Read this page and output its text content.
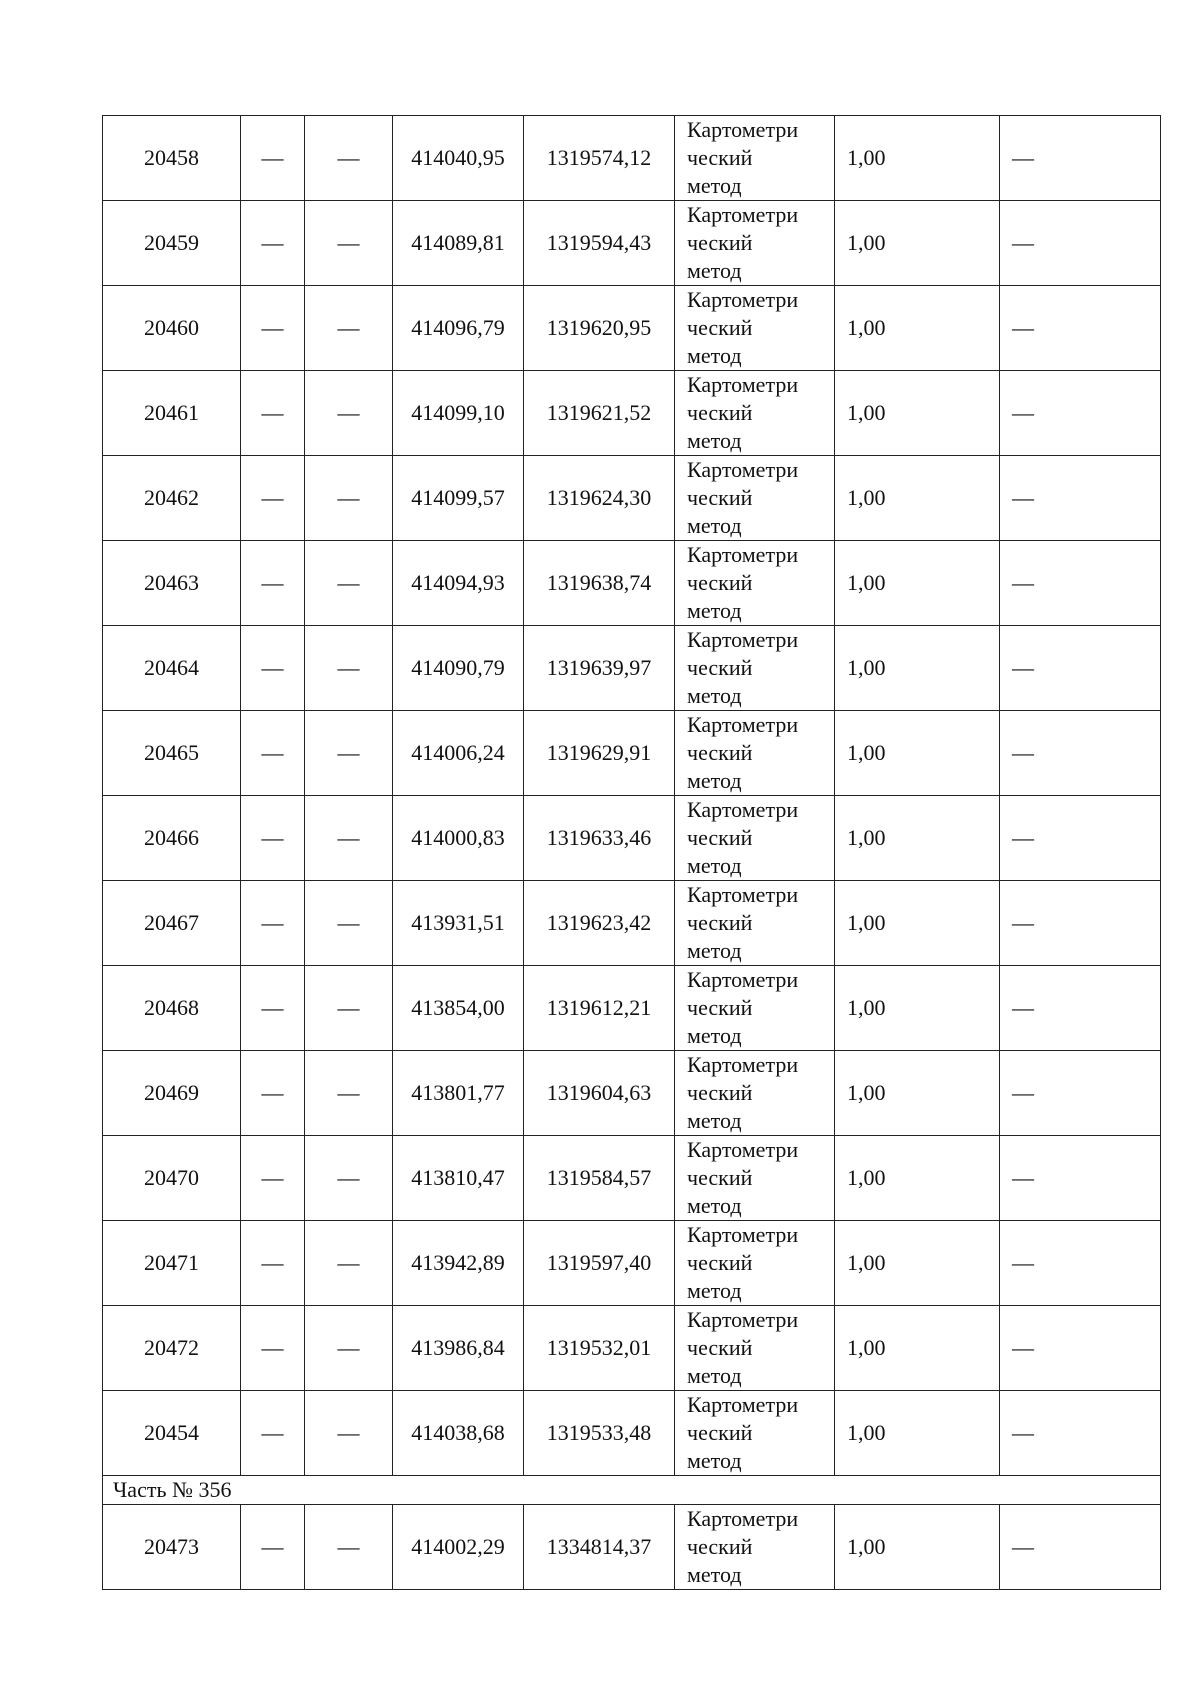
20458	—	—	414040,95	1319574,12	Картометри
ческий
метод	1,00	—
20459	—	—	414089,81	1319594,43	Картометри
ческий
метод	1,00	—
20460	—	—	414096,79	1319620,95	Картометри
ческий
метод	1,00	—
20461	—	—	414099,10	1319621,52	Картометри
ческий
метод	1,00	—
20462	—	—	414099,57	1319624,30	Картометри
ческий
метод	1,00	—
20463	—	—	414094,93	1319638,74	Картометри
ческий
метод	1,00	—
20464	—	—	414090,79	1319639,97	Картометри
ческий
метод	1,00	—
20465	—	—	414006,24	1319629,91	Картометри
ческий
метод	1,00	—
20466	—	—	414000,83	1319633,46	Картометри
ческий
метод	1,00	—
20467	—	—	413931,51	1319623,42	Картометри
ческий
метод	1,00	—
20468	—	—	413854,00	1319612,21	Картометри
ческий
метод	1,00	—
20469	—	—	413801,77	1319604,63	Картометри
ческий
метод	1,00	—
20470	—	—	413810,47	1319584,57	Картометри
ческий
метод	1,00	—
20471	—	—	413942,89	1319597,40	Картометри
ческий
метод	1,00	—
20472	—	—	413986,84	1319532,01	Картометри
ческий
метод	1,00	—
20454	—	—	414038,68	1319533,48	Картометри
ческий
метод	1,00	—
Часть № 356							
20473	—	—	414002,29	1334814,37	Картометри
ческий
метод	1,00	—
